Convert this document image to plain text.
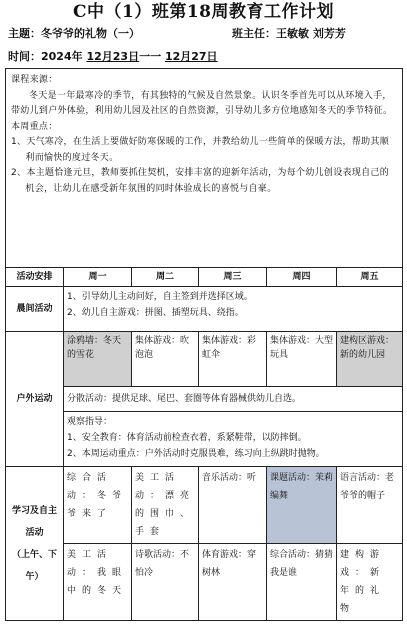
C中（1）班第18周教育工作计划
主题：冬爷爷的礼物（一）	班主任：王敏敏 刘芳芳
时间：2024年 12月23日一一 12月27日

课程来源：

冬天是一年最寒冷的季节，有其独特的气候及自然景象。认识冬季首先可以从环境入手，带幼儿到户外体验，利用幼儿园及社区的自然资源，引导幼儿多方位地感知冬天的季节特征。

本周重点：

1、天气寒冷，在生活上要做好防寒保暖的工作，并教给幼儿一些简单的保暖方法，帮助其顺利而愉快的度过冬天。

2、本主题恰逢元旦，教师要抓住契机，安排丰富的迎新年活动，为每个幼儿创设表现自己的机会，让幼儿在感受新年氛围的同时体验成长的喜悦与自豪。					

活动安排	周一	周二	周三	周四	周五
晨间活动	1、引导幼儿主动问好，自主签到并选择区域。

2、幼儿自主游戏：拼图、插塑玩具、绕指。				

户外运动	涂鸦墙：冬天的雪花	集体游戏：吹泡泡	集体游戏：彩虹伞	集体游戏：大型玩具	建构区游戏：新的幼儿园
	分散活动：提供足球、尾巴、套圈等体育器械供幼儿自选。				

	观察指导：

1、安全教育：体育活动前检查衣着，系紧鞋带，以防摔倒。

2、本周运动重点：户外活动时克服畏难，练习向上纵跳时抛物。				

学习及自主活动
（上午、下午）	综合活动：冬爷爷来了	美工活动：漂亮的围巾、手套	音乐活动：听	课题活动：茉莉编舞	语言活动：老爷爷的帽子
	美工活动：我眼中的冬天	诗歌活动：不怕冷	体育游戏：穿树林	综合活动：猜猜我是谁	建构游戏：新年的礼物
